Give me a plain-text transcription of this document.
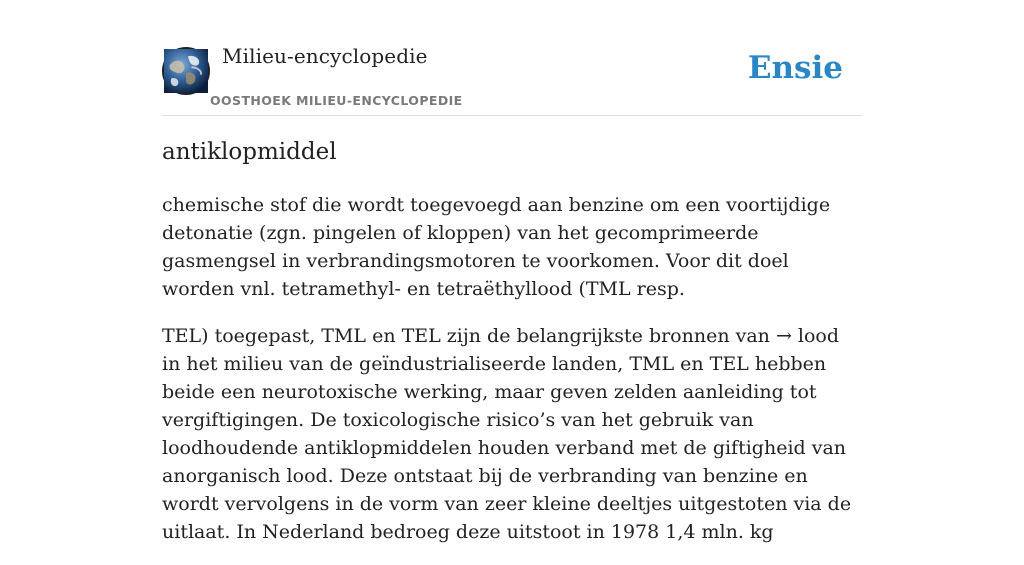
Milieu-encyclopedie
OOSTHOEK MILIEU-ENCYCLOPEDIE
Ensie
antiklopmiddel

chemische stof die wordt toegevoegd aan benzine om een voortijdige detonatie (zgn. pingelen of kloppen) van het gecomprimeerde gasmengsel in verbrandingsmotoren te voorkomen. Voor dit doel worden vnl. tetramethyl- en tetraëthyllood (TML resp.

TEL) toegepast, TML en TEL zijn de belangrijkste bronnen van → lood in het milieu van de geïndustrialiseerde landen, TML en TEL hebben beide een neurotoxische werking, maar geven zelden aanleiding tot vergiftigingen. De toxicologische risico’s van het gebruik van loodhoudende antiklopmiddelen houden verband met de giftigheid van anorganisch lood. Deze ontstaat bij de verbranding van benzine en wordt vervolgens in de vorm van zeer kleine deeltjes uitgestoten via de uitlaat. In Nederland bedroeg deze uitstoot in 1978 1,4 mln. kg
